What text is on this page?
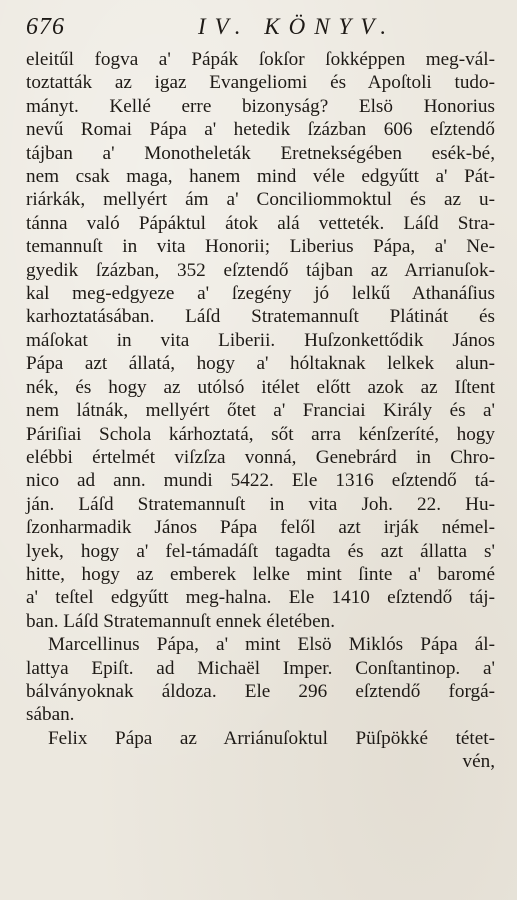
676	IV. KÖNYV.
eleitűl fogva a' Pápák ſokſor ſokképpen meg-vál-
toztatták az igaz Evangeliomi és Apoſtoli tudo-
mányt. Kellé erre bizonyság? Elsö Honorius
nevű Romai Pápa a' hetedik ſzázban 606 eſztendő
tájban a' Monotheleták Eretnekségében esék-bé,
nem csak maga, hanem mind véle edgyűtt a' Pát-
riárkák, mellyért ám a' Conciliommoktul és az u-
tánna való Pápáktul átok alá vetteték. Láſd Stra-
temannuſt in vita Honorii; Liberius Pápa, a' Ne-
gyedik ſzázban, 352 eſztendő tájban az Arrianuſok-
kal meg-edgyeze a' ſzegény jó lelkű Athanáſius
karhoztatásában. Láſd Stratemannuſt Plátinát és
máſokat in vita Liberii. Huſzonkettődik János
Pápa azt állatá, hogy a' hóltaknak lelkek alun-
nék, és hogy az utólsó itélet előtt azok az Iſtent
nem látnák, mellyért őtet a' Franciai Király és a'
Páriſiai Schola kárhoztatá, sőt arra kénſzeríté, hogy
elébbi értelmét viſzſza vonná, Genebrárd in Chro-
nico ad ann. mundi 5422. Ele 1316 eſztendő tá-
ján. Láſd Stratemannuſt in vita Joh. 22. Hu-
ſzonharmadik János Pápa felől azt irják némel-
lyek, hogy a' fel-támadáſt tagadta és azt állatta s'
hitte, hogy az emberek lelke mint ſinte a' baromé
a' teſtel edgyűtt meg-halna. Ele 1410 eſztendő táj-
ban. Láſd Stratemannuſt ennek életében.
Marcellinus Pápa, a' mint Elsö Miklós Pápa ál-
lattya Epiſt. ad Michaël Imper. Conſtantinop. a'
bálványoknak áldoza. Ele 296 eſztendő forgá-
sában.
Felix Pápa az Arriánuſoktul Püſpökké tétet-
vén,
